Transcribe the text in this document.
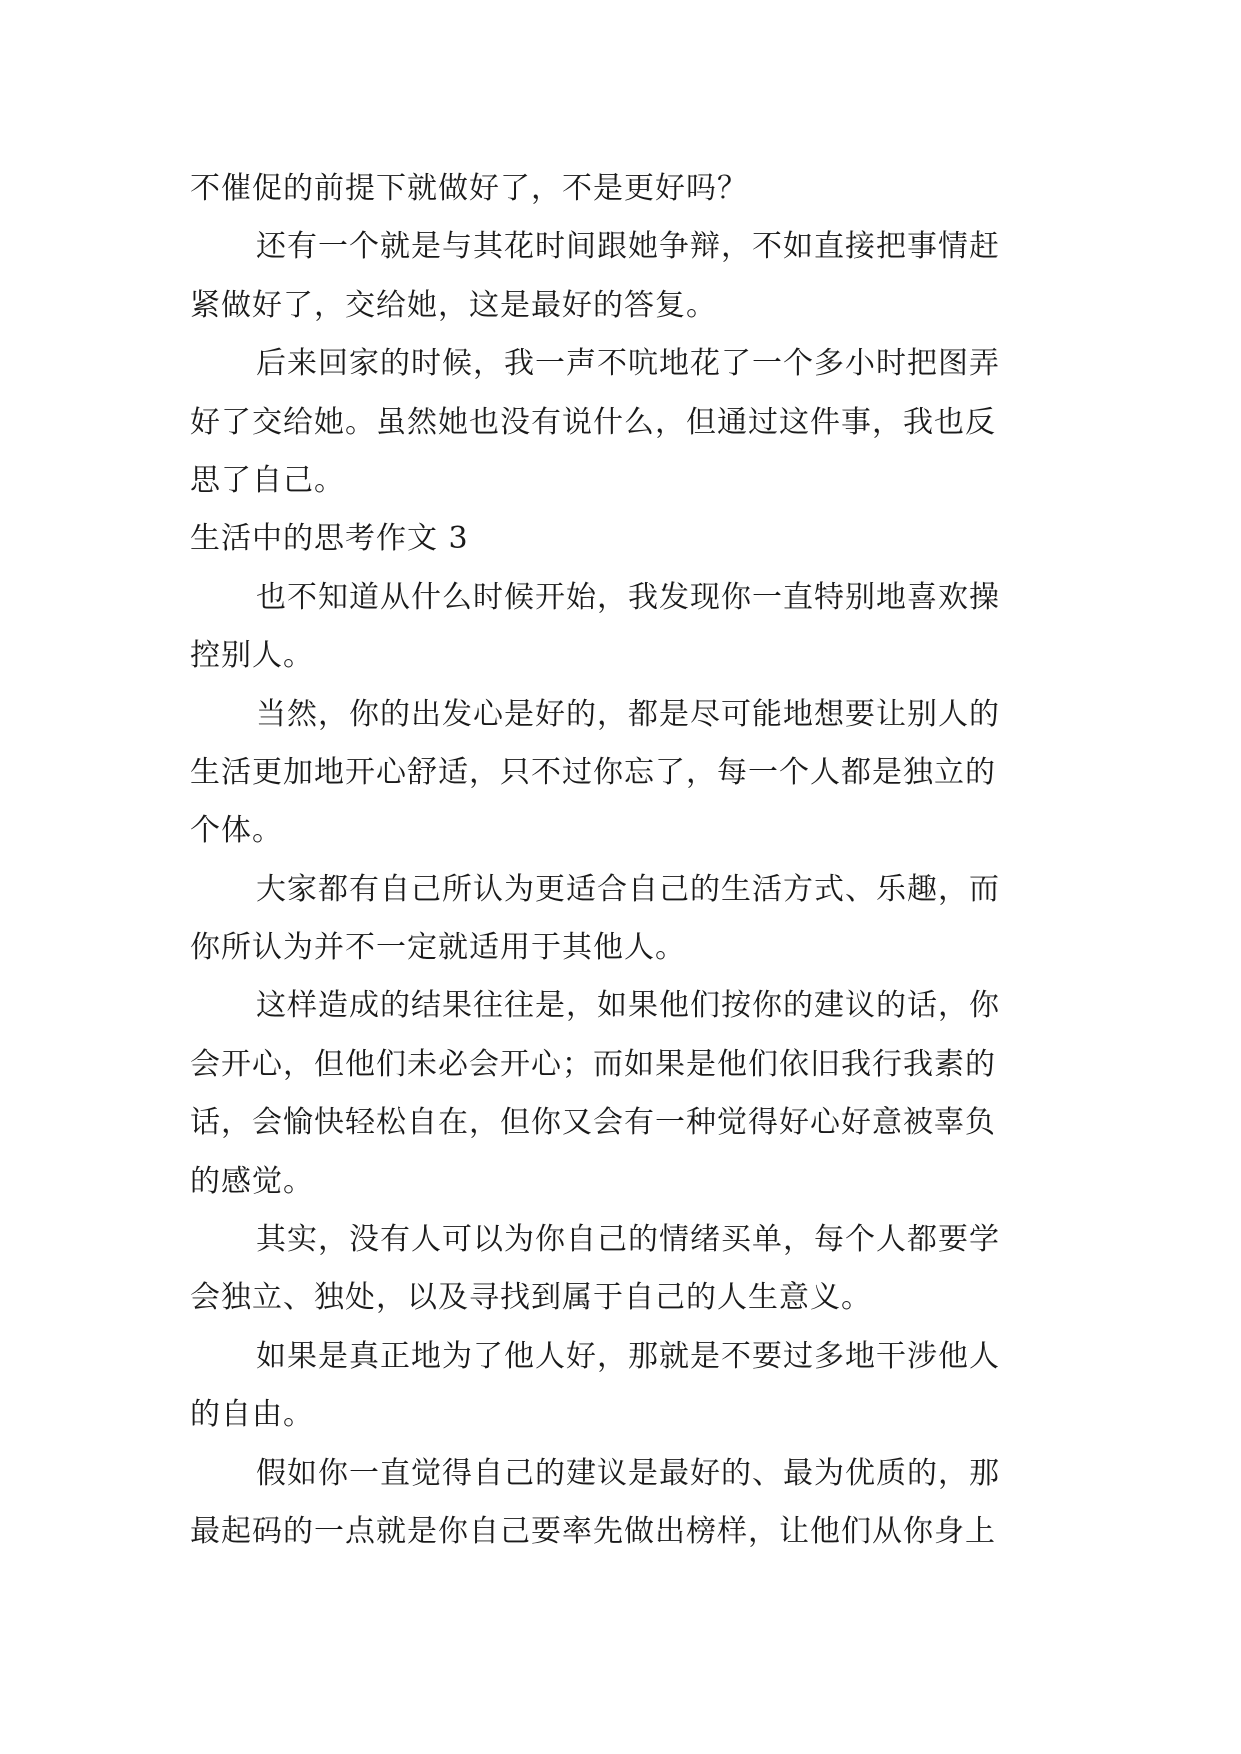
不催促的前提下就做好了，不是更好吗？
还有一个就是与其花时间跟她争辩，不如直接把事情赶
紧做好了，交给她，这是最好的答复。
后来回家的时候，我一声不吭地花了一个多小时把图弄
好了交给她。虽然她也没有说什么，但通过这件事，我也反
思了自己。
生活中的思考作文 3
也不知道从什么时候开始，我发现你一直特别地喜欢操
控别人。
当然，你的出发心是好的，都是尽可能地想要让别人的
生活更加地开心舒适，只不过你忘了，每一个人都是独立的
个体。
大家都有自己所认为更适合自己的生活方式、乐趣，而
你所认为并不一定就适用于其他人。
这样造成的结果往往是，如果他们按你的建议的话，你
会开心，但他们未必会开心；而如果是他们依旧我行我素的
话，会愉快轻松自在，但你又会有一种觉得好心好意被辜负
的感觉。
其实，没有人可以为你自己的情绪买单，每个人都要学
会独立、独处，以及寻找到属于自己的人生意义。
如果是真正地为了他人好，那就是不要过多地干涉他人
的自由。
假如你一直觉得自己的建议是最好的、最为优质的，那
最起码的一点就是你自己要率先做出榜样，让他们从你身上
